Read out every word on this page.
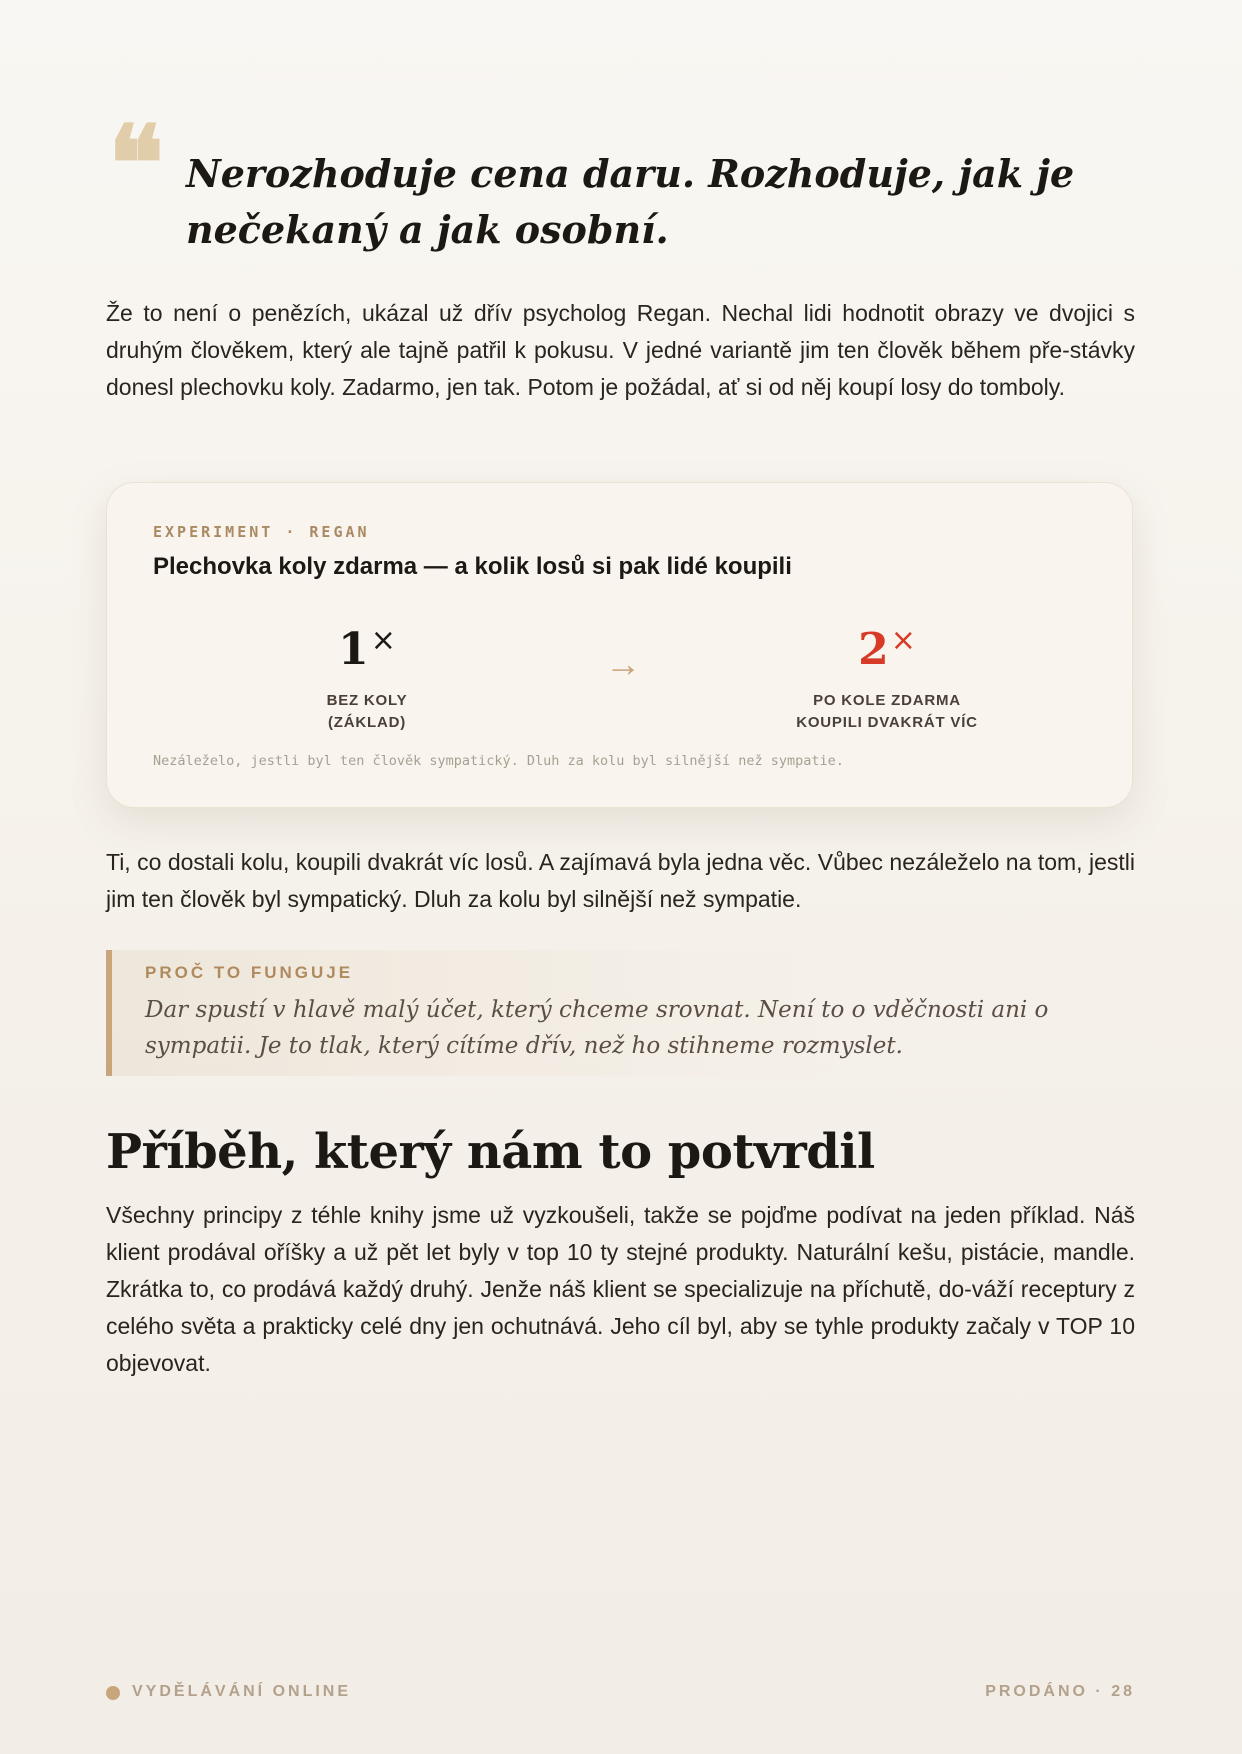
❝ Nerozhoduje cena daru. Rozhoduje, jak je nečekaný a jak osobní.

Že to není o penězích, ukázal už dřív psycholog Regan. Nechal lidi hodnotit obrazy ve dvojici s druhým člověkem, který ale tajně patřil k pokusu. V jedné variantě jim ten člověk během pře-stávky donesl plechovku koly. Zadarmo, jen tak. Potom je požádal, ať si od něj koupí losy do tomboly.

EXPERIMENT · REGAN
Plechovka koly zdarma — a kolik losů si pak lidé koupili
1×
BEZ KOLY
(ZÁKLAD)
→	2×
PO KOLE ZDARMA
KOUPILI DVAKRÁT VÍC
Nezáleželo, jestli byl ten člověk sympatický. Dluh za kolu byl silnější než sympatie.

Ti, co dostali kolu, koupili dvakrát víc losů. A zajímavá byla jedna věc. Vůbec nezáleželo na tom, jestli jim ten člověk byl sympatický. Dluh za kolu byl silnější než sympatie.

PROČ TO FUNGUJE

Dar spustí v hlavě malý účet, který chceme srovnat. Není to o vděčnosti ani o sympatii. Je to tlak, který cítíme dřív, než ho stihneme rozmyslet.

Příběh, který nám to potvrdil

Všechny principy z téhle knihy jsme už vyzkoušeli, takže se pojďme podívat na jeden příklad. Náš klient prodával oříšky a už pět let byly v top 10 ty stejné produkty. Naturální kešu, pistácie, mandle. Zkrátka to, co prodává každý druhý. Jenže náš klient se specializuje na příchutě, do-váží receptury z celého světa a prakticky celé dny jen ochutnává. Jeho cíl byl, aby se tyhle produkty začaly v TOP 10 objevovat.

VYDĚLÁVÁNÍ ONLINE	PRODÁNO · 28
